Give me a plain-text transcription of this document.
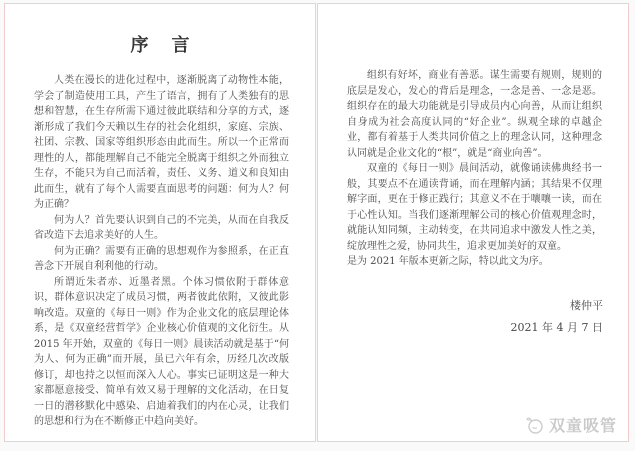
序 言

人类在漫长的进化过程中，逐渐脱离了动物性本能，学会了制造使用工具，产生了语言，拥有了人类独有的思想和智慧，在生存所需下通过彼此联结和分享的方式，逐渐形成了我们今天赖以生存的社会化组织，家庭、宗族、社团、宗教、国家等组织形态由此而生。所以一个正常而理性的人，都能理解自己不能完全脱离于组织之外而独立生存，不能只为自己而活着，责任、义务、道义和良知由此而生，就有了每个人需要直面思考的问题：何为人？何为正确？

何为人？首先要认识到自己的不完美，从而在自我反省改造下去追求美好的人生。

何为正确？需要有正确的思想观作为参照系，在正直善念下开展自利利他的行动。

所谓近朱者赤、近墨者黑。个体习惯依附于群体意识，群体意识决定了成员习惯，两者彼此依附，又彼此影响改造。双童的《每日一则》作为企业文化的底层理论体系，是《双童经营哲学》企业核心价值观的文化衍生。从 2015 年开始，双童的《每日一则》晨读活动就是基于“何为人、何为正确”而开展，虽已六年有余，历经几次改版修订，却也持之以恒而深入人心。事实已证明这是一种大家都愿意接受、简单有效又易于理解的文化活动，在日复一日的潜移默化中感染、启迪着我们的内在心灵，让我们的思想和行为在不断修正中趋向美好。

组织有好坏，商业有善恶。谋生需要有规则，规则的底层是发心，发心的背后是理念，一念是善、一念是恶。组织存在的最大功能就是引导成员内心向善，从而让组织自身成为社会高度认同的“好企业”。纵观全球的卓越企业，都有着基于人类共同价值之上的理念认同，这种理念认同就是企业文化的“根”，就是“商业向善”。

双童的《每日一则》晨间活动，就像诵读佛典经书一般，其要点不在通读背诵，而在理解内涵；其结果不仅理解字面，更在于修正践行；其意义不在于嚷嚷一读，而在于心性认知。当我们逐渐理解公司的核心价值观理念时，就能认知同频，主动转变，在共同追求中激发人性之美，绽放理性之爱，协同共生，追求更加美好的双童。

是为 2021 年版本更新之际，特以此文为序。

楼仲平
2021 年 4 月 7 日
双童吸管
